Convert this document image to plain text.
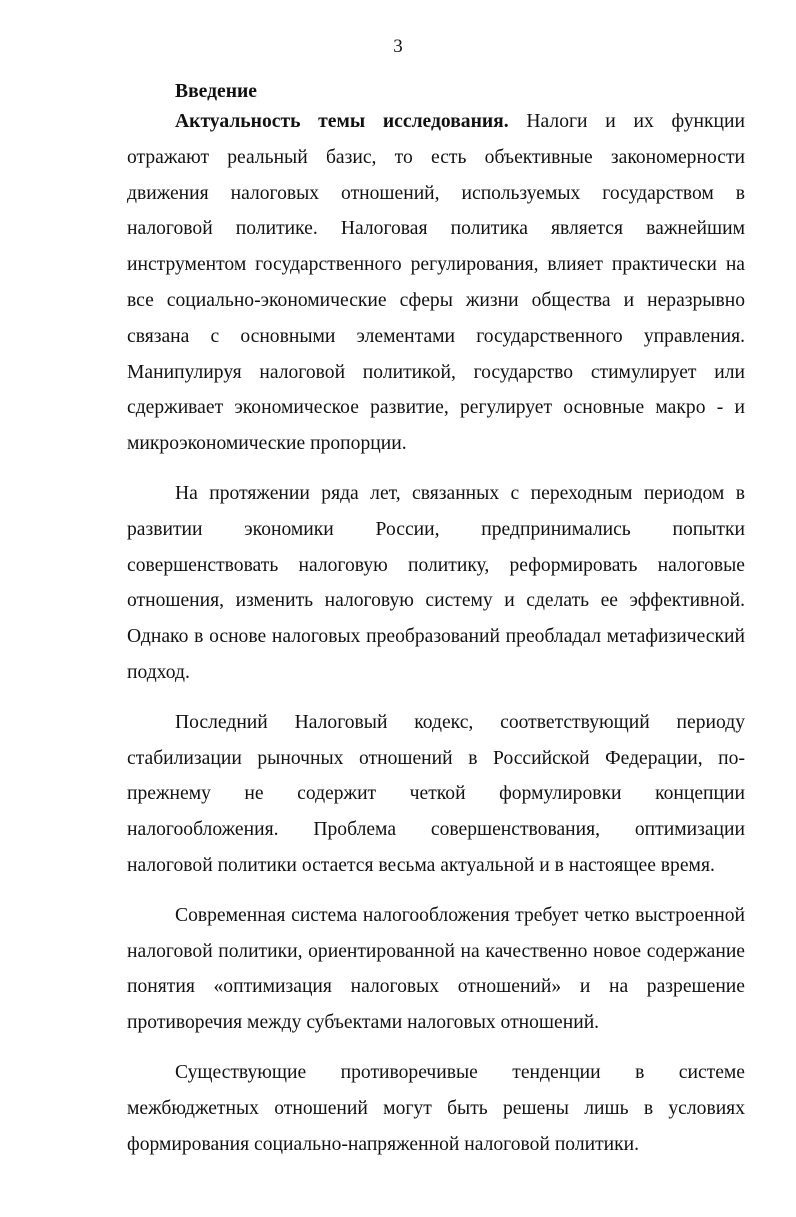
3

Введение

Актуальность темы исследования. Налоги и их функции отражают реальный базис, то есть объективные закономерности движения налоговых отношений, используемых государством в налоговой политике. Налоговая политика является важнейшим инструментом государственного регулирования, влияет практически на все социально-экономические сферы жизни общества и неразрывно связана с основными элементами государственного управления. Манипулируя налоговой политикой, государство стимулирует или сдерживает экономическое развитие, регулирует основные макро - и микроэкономические пропорции.

На протяжении ряда лет, связанных с переходным периодом в развитии экономики России, предпринимались попытки совершенствовать налоговую политику, реформировать налоговые отношения, изменить налоговую систему и сделать ее эффективной. Однако в основе налоговых преобразований преобладал метафизический подход.

Последний Налоговый кодекс, соответствующий периоду стабилизации рыночных отношений в Российской Федерации, по-прежнему не содержит четкой формулировки концепции налогообложения. Проблема совершенствования, оптимизации налоговой политики остается весьма актуальной и в настоящее время.

Современная система налогообложения требует четко выстроенной налоговой политики, ориентированной на качественно новое содержание понятия «оптимизация налоговых отношений» и на разрешение противоречия между субъектами налоговых отношений.

Существующие противоречивые тенденции в системе межбюджетных отношений могут быть решены лишь в условиях формирования социально-напряженной налоговой политики.
